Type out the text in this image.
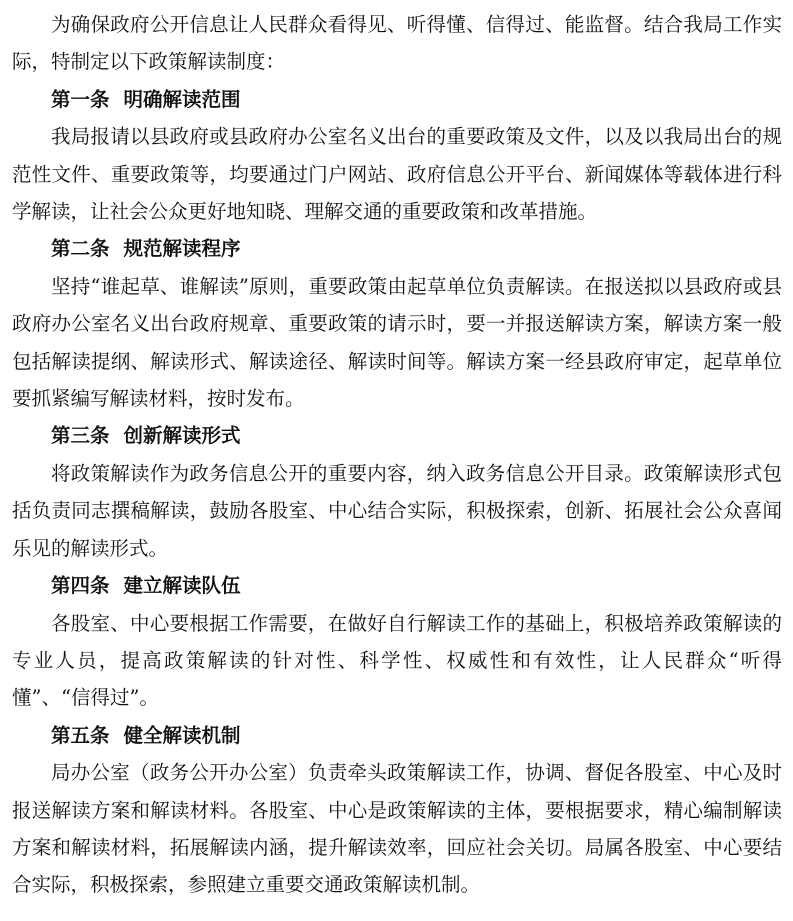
为确保政府公开信息让人民群众看得见、听得懂、信得过、能监督。结合我局工作实际，特制定以下政策解读制度：

第一条 明确解读范围

我局报请以县政府或县政府办公室名义出台的重要政策及文件，以及以我局出台的规范性文件、重要政策等，均要通过门户网站、政府信息公开平台、新闻媒体等载体进行科学解读，让社会公众更好地知晓、理解交通的重要政策和改革措施。

第二条 规范解读程序

坚持“谁起草、谁解读”原则，重要政策由起草单位负责解读。在报送拟以县政府或县政府办公室名义出台政府规章、重要政策的请示时，要一并报送解读方案，解读方案一般包括解读提纲、解读形式、解读途径、解读时间等。解读方案一经县政府审定，起草单位要抓紧编写解读材料，按时发布。

第三条 创新解读形式

将政策解读作为政务信息公开的重要内容，纳入政务信息公开目录。政策解读形式包括负责同志撰稿解读，鼓励各股室、中心结合实际，积极探索，创新、拓展社会公众喜闻乐见的解读形式。

第四条 建立解读队伍

各股室、中心要根据工作需要，在做好自行解读工作的基础上，积极培养政策解读的专业人员，提高政策解读的针对性、科学性、权威性和有效性，让人民群众“听得懂”、“信得过”。

第五条 健全解读机制

局办公室（政务公开办公室）负责牵头政策解读工作，协调、督促各股室、中心及时报送解读方案和解读材料。各股室、中心是政策解读的主体，要根据要求，精心编制解读方案和解读材料，拓展解读内涵，提升解读效率，回应社会关切。局属各股室、中心要结合实际，积极探索，参照建立重要交通政策解读机制。
